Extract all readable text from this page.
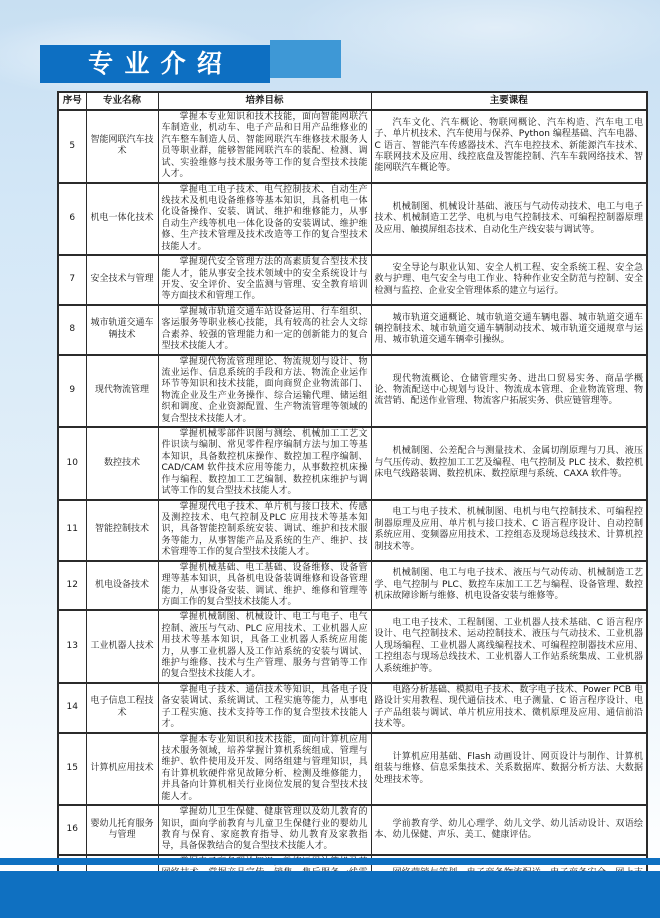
专业介绍
序号	专业名称	培养目标	主要课程
5	智能网联汽车技术	掌握本专业知识和技术技能，面向智能网联汽车制造业，机动车、电子产品和日用产品维修业的汽车整车制造人员、智能网联汽车维修技术服务人员等职业群，能够智能网联汽车的装配、检测、调试、实验维修与技术服务等工作的复合型技术技能人才。	汽车文化、汽车概论、物联网概论、汽车构造、汽车电工电子、单片机技术、汽车使用与保养、Python 编程基础、汽车电器、C 语言、智能汽车传感器技术、汽车电控技术、新能源汽车技术、车联网技术及应用、线控底盘及智能控制、汽车车载网络技术、智能网联汽车概论等。
6	机电一体化技术	掌握电工电子技术、电气控制技术、自动生产线技术及机电设备维修等基本知识，具备机电一体化设备操作、安装、调试、维护和维修能力，从事自动生产线等机电一体化设备的安装调试、维护维修、生产技术管理及技术改造等工作的复合型技术技能人才。	机械制图、机械设计基础、液压与气动传动技术、电工与电子技术、机械制造工艺学、电机与电气控制技术、可编程控制器原理及应用、触摸屏组态技术、自动化生产线安装与调试等。
7	安全技术与管理	掌握现代安全管理方法的高素质复合型技术技能人才，能从事安全技术领域中的安全系统设计与开发、安全评价、安全监测与管理、安全教育培训等方面技术和管理工作。	安全导论与职业认知、安全人机工程、安全系统工程、安全急救与护理、电气安全与电工作业、特种作业安全防范与控制、安全检测与监控、企业安全管理体系的建立与运行。
8	城市轨道交通车辆技术	掌握城市轨道交通车站设备运用、行车组织、客运服务等职业核心技能，具有较高的社会人文综合素养、较强的管理能力和一定的创新能力的复合型技术技能人才。	城市轨道交通概论、城市轨道交通车辆电器、城市轨道交通车辆控制技术、城市轨道交通车辆制动技术、城市轨道交通规章与运用、城市轨道交通车辆牵引操纵。
9	现代物流管理	掌握现代物流管理理论、物流规划与设计、物流业运作、信息系统的手段和方法、物流企业运作环节等知识和技术技能，面向商贸企业物流部门、物流企业及生产业务操作、综合运输代理、储运组织和调度、企业资源配置、生产物流管理等领域的复合型技术技能人才。	现代物流概论、仓储管理实务、进出口贸易实务、商品学概论、物流配送中心规划与设计、物流成本管理、企业物流管理、物流营销、配送作业管理、物流客户拓展实务、供应链管理等。
10	数控技术	掌握机械零部件识图与测绘、机械加工工艺文件识读与编制、常见零件程序编制方法与加工等基本知识，具备数控机床操作、数控加工程序编制、CAD/CAM 软件技术应用等能力，从事数控机床操作与编程、数控加工工艺编制、数控机床维护与调试等工作的复合型技术技能人才。	机械制图、公差配合与测量技术、金属切削原理与刀具、液压与气压传动、数控加工工艺及编程、电气控制及 PLC 技术、数控机床电气线路装调、数控机床、数控原理与系统、CAXA 软件等。
11	智能控制技术	掌握现代电子技术、单片机与接口技术、传感及测控技术、电气控制及PLC 应用技术等基本知识，具备智能控制系统安装、调试、维护和技术服务等能力，从事智能产品及系统的生产、维护、技术管理等工作的复合型技术技能人才。	电工与电子技术、机械制图、电机与电气控制技术、可编程控制器原理及应用、单片机与接口技术、C 语言程序设计、自动控制系统应用、变频器应用技术、工控组态及现场总线技术、计算机控制技术等。
12	机电设备技术	掌握机械基础、电工基础、设备维修、设备管理等基本知识，具备机电设备装调维修和设备管理能力，从事设备安装、调试、维护、维修和管理等方面工作的复合型技术技能人才。	机械制图、电工与电子技术、液压与气动传动、机械制造工艺学、电气控制与 PLC、数控车床加工工艺与编程、设备管理、数控机床故障诊断与维修、机电设备安装与维修等。
13	工业机器人技术	掌握机械制图、机械设计、电工与电子、电气控制、液压与气动、PLC 应用技术、工业机器人应用技术等基本知识，具备工业机器人系统应用能力，从事工业机器人及工作站系统的安装与调试、维护与维修、技术与生产管理、服务与营销等工作的复合型技术技能人才。	电工电子技术、工程制图、工业机器人技术基础、C 语言程序设计、电气控制技术、运动控制技术、液压与气动技术、工业机器人现场编程、工业机器人离线编程技术、可编程控制器技术应用、工控组态与现场总线技术、工业机器人工作站系统集成、工业机器人系统维护等。
14	电子信息工程技术	掌握电子技术、通信技术等知识，具备电子设备安装调试、系统调试、工程实施等能力，从事电子工程实施、技术支持等工作的复合型技术技能人才。	电路分析基础、模拟电子技术、数字电子技术、Power PCB 电路设计实用教程、现代通信技术、电子测量、C 语言程序设计、电子产品组装与调试、单片机应用技术、微机原理及应用、通信前沿技术等。
15	计算机应用技术	掌握本专业知识和技术技能，面向计算机应用技术服务领域，培养掌握计算机系统组成、管理与维护、软件使用及开发、网络组建与管理知识，具有计算机软硬件常见故障分析、检测及维修能力，并具备向计算机相关行业岗位发展的复合型技术技能人才。	计算机应用基础、Flash 动画设计、网页设计与制作、计算机组装与维修、信息采集技术、关系数据库、数据分析方法、大数据处理技术等。
16	婴幼儿托育服务与管理	掌握幼儿卫生保健、健康管理以及幼儿教育的知识，面向学前教育与儿童卫生保健行业的婴幼儿教育与保育、家庭教育指导、幼儿教育及家教指导，具备保教结合的复合型技术技能人才。	学前教育学、幼儿心理学、幼儿文学、幼儿活动设计、双语绘本、幼儿保健、声乐、美工、健康评估。
